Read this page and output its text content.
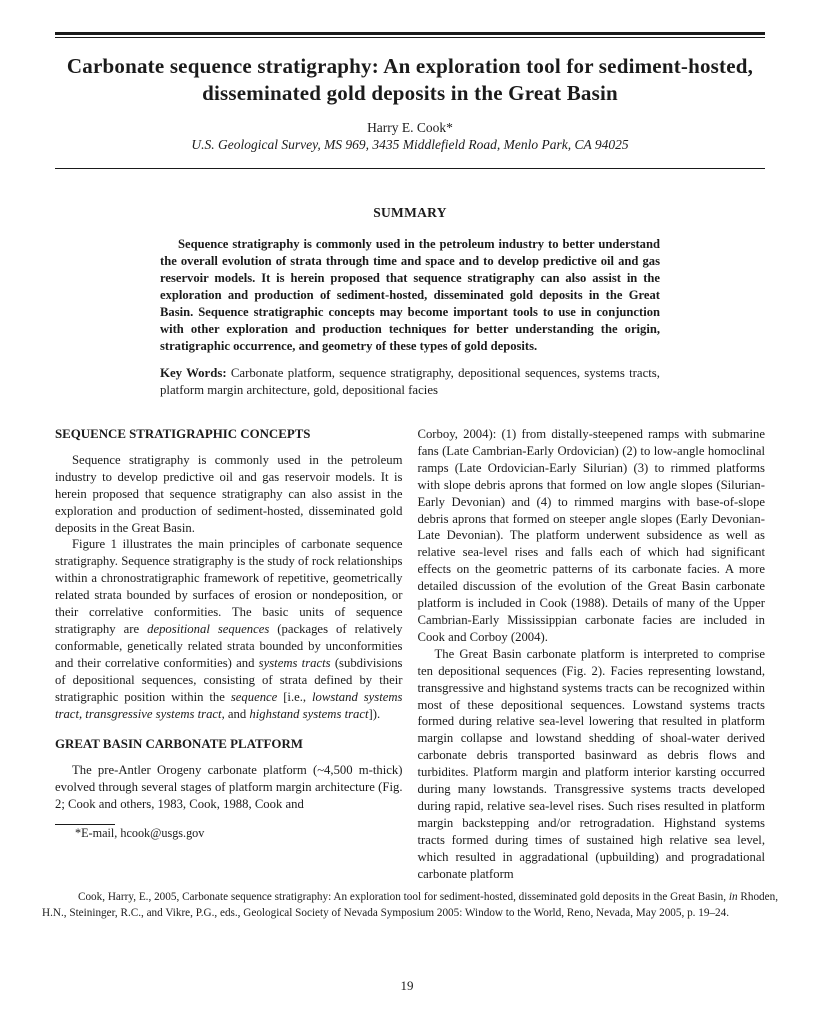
Carbonate sequence stratigraphy: An exploration tool for sediment-hosted, disseminated gold deposits in the Great Basin
Harry E. Cook*
U.S. Geological Survey, MS 969, 3435 Middlefield Road, Menlo Park, CA 94025
SUMMARY
Sequence stratigraphy is commonly used in the petroleum industry to better understand the overall evolution of strata through time and space and to develop predictive oil and gas reservoir models. It is herein proposed that sequence stratigraphy can also assist in the exploration and production of sediment-hosted, disseminated gold deposits in the Great Basin. Sequence stratigraphic concepts may become important tools to use in conjunction with other exploration and production techniques for better understanding the origin, stratigraphic occurrence, and geometry of these types of gold deposits.
Key Words: Carbonate platform, sequence stratigraphy, depositional sequences, systems tracts, platform margin architecture, gold, depositional facies
SEQUENCE STRATIGRAPHIC CONCEPTS

Sequence stratigraphy is commonly used in the petroleum industry to develop predictive oil and gas reservoir models. It is herein proposed that sequence stratigraphy can also assist in the exploration and production of sediment-hosted, disseminated gold deposits in the Great Basin.

Figure 1 illustrates the main principles of carbonate sequence stratigraphy. Sequence stratigraphy is the study of rock relationships within a chronostratigraphic framework of repetitive, geometrically related strata bounded by surfaces of erosion or nondeposition, or their correlative conformities. The basic units of sequence stratigraphy are depositional sequences (packages of relatively conformable, genetically related strata bounded by unconformities and their correlative conformities) and systems tracts (subdivisions of depositional sequences, consisting of strata defined by their stratigraphic position within the sequence [i.e., lowstand systems tract, transgressive systems tract, and highstand systems tract]).

GREAT BASIN CARBONATE PLATFORM

The pre-Antler Orogeny carbonate platform (~4,500 m-thick) evolved through several stages of platform margin architecture (Fig. 2; Cook and others, 1983, Cook, 1988, Cook and

*E-mail, hcook@usgs.gov

Corboy, 2004): (1) from distally-steepened ramps with submarine fans (Late Cambrian-Early Ordovician) (2) to low-angle homoclinal ramps (Late Ordovician-Early Silurian) (3) to rimmed platforms with slope debris aprons that formed on low angle slopes (Silurian-Early Devonian) and (4) to rimmed margins with base-of-slope debris aprons that formed on steeper angle slopes (Early Devonian-Late Devonian). The platform underwent subsidence as well as relative sea-level rises and falls each of which had significant effects on the geometric patterns of its carbonate facies. A more detailed discussion of the evolution of the Great Basin carbonate platform is included in Cook (1988). Details of many of the Upper Cambrian-Early Mississippian carbonate facies are included in Cook and Corboy (2004).

The Great Basin carbonate platform is interpreted to comprise ten depositional sequences (Fig. 2). Facies representing lowstand, transgressive and highstand systems tracts can be recognized within most of these depositional sequences. Lowstand systems tracts formed during relative sea-level lowering that resulted in platform margin collapse and lowstand shedding of shoal-water derived carbonate debris transported basinward as debris flows and turbidites. Platform margin and platform interior karsting occurred during many lowstands. Transgressive systems tracts developed during rapid, relative sea-level rises. Such rises resulted in platform margin backstepping and/or retrogradation. Highstand systems tracts formed during times of sustained high relative sea level, which resulted in aggradational (upbuilding) and progradational carbonate platform

Cook, Harry, E., 2005, Carbonate sequence stratigraphy: An exploration tool for sediment-hosted, disseminated gold deposits in the Great Basin, in Rhoden, H.N., Steininger, R.C., and Vikre, P.G., eds., Geological Society of Nevada Symposium 2005: Window to the World, Reno, Nevada, May 2005, p. 19–24.
19
